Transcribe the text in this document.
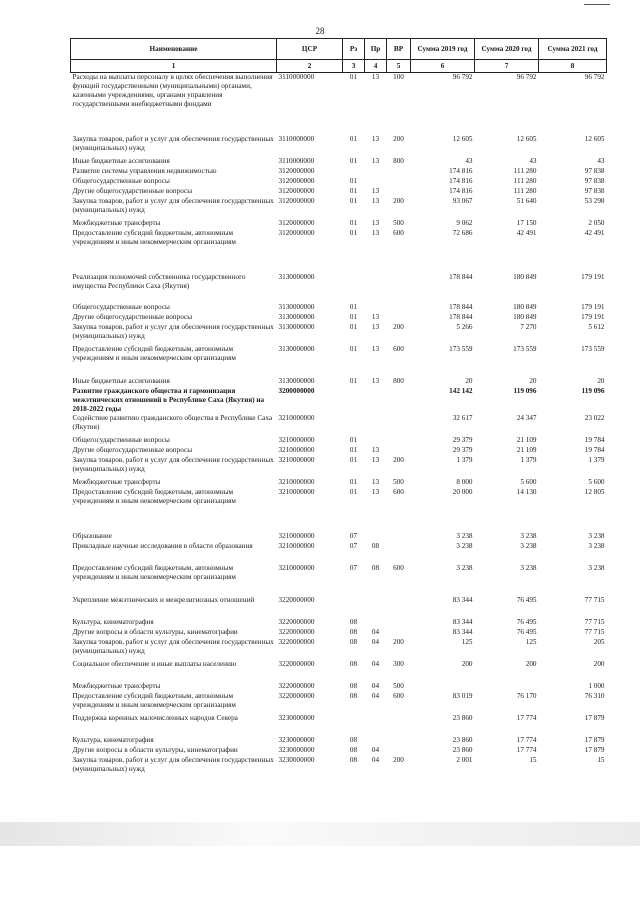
28
Наименование	ЦСР	Рз	Пр	ВР	Сумма 2019 год	Сумма 2020 год	Сумма 2021 год
1	2	3	4	5	6	7	8
Расходы на выплаты персоналу в целях обеспечения выполнения функций государственными (муниципальными) органами, казенными учреждениями, органами управления государственными внебюджетными фондами	3110000000	01	13	100	96 792	96 792	96 792
Закупка товаров, работ и услуг для обеспечения государственных (муниципальных) нужд	3110000000	01	13	200	12 605	12 605	12 605
Иные бюджетные ассигнования	3110000000	01	13	800	43	43	43
Развитие системы управления недвижимостью	3120000000				174 816	111 280	97 838
Общегосударственные вопросы	3120000000	01			174 816	111 280	97 838
Другие общегосударственные вопросы	3120000000	01	13		174 816	111 280	97 838
Закупка товаров, работ и услуг для обеспечения государственных (муниципальных) нужд	3120000000	01	13	200	93 067	51 640	53 298
Межбюджетные трансферты	3120000000	01	13	500	9 062	17 150	2 050
Предоставление субсидий бюджетным, автономным учреждениям и иным некоммерческим организациям	3120000000	01	13	600	72 686	42 491	42 491
Реализация полномочий собственника государственного имущества Республики Саха (Якутия)	3130000000				178 844	180 849	179 191
Общегосударственные вопросы	3130000000	01			178 844	180 849	179 191
Другие общегосударственные вопросы	3130000000	01	13		178 844	180 849	179 191
Закупка товаров, работ и услуг для обеспечения государственных (муниципальных) нужд	3130000000	01	13	200	5 266	7 270	5 612
Предоставление субсидий бюджетным, автономным учреждениям и иным некоммерческим организациям	3130000000	01	13	600	173 559	173 559	173 559
Иные бюджетные ассигнования	3130000000	01	13	800	20	20	20
Развитие гражданского общества и гармонизация межэтнических отношений в Республике Саха (Якутия) на 2018-2022 годы	3200000000				142 142	119 096	119 096
Содействие развитию гражданского общества в Республике Саха (Якутия)	3210000000				32 617	24 347	23 022
Общегосударственные вопросы	3210000000	01			29 379	21 109	19 784
Другие общегосударственные вопросы	3210000000	01	13		29 379	21 109	19 784
Закупка товаров, работ и услуг для обеспечения государственных (муниципальных) нужд	3210000000	01	13	200	1 379	1 379	1 379
Межбюджетные трансферты	3210000000	01	13	500	8 000	5 600	5 600
Предоставление субсидий бюджетным, автономным учреждениям и иным некоммерческим организациям	3210000000	01	13	600	20 000	14 130	12 805
Образование	3210000000	07			3 238	3 238	3 238
Прикладные научные исследования в области образования	3210000000	07	08		3 238	3 238	3 238
Предоставление субсидий бюджетным, автономным учреждениям и иным некоммерческим организациям	3210000000	07	08	600	3 238	3 238	3 238
Укрепление межэтнических и межрелигиозных отношений	3220000000				83 344	76 495	77 715
Культура, кинематография	3220000000	08			83 344	76 495	77 715
Другие вопросы в области культуры, кинематографии	3220000000	08	04		83 344	76 495	77 715
Закупка товаров, работ и услуг для обеспечения государственных (муниципальных) нужд	3220000000	08	04	200	125	125	205
Социальное обеспечение и иные выплаты населению	3220000000	08	04	300	200	200	200
Межбюджетные трансферты	3220000000	08	04	500			1 000
Предоставление субсидий бюджетным, автономным учреждениям и иным некоммерческим организациям	3220000000	08	04	600	83 019	76 170	76 310
Поддержка коренных малочисленных народов Севера	3230000000				23 860	17 774	17 879
Культура, кинематография	3230000000	08			23 860	17 774	17 879
Другие вопросы в области культуры, кинематографии	3230000000	08	04		23 860	17 774	17 879
Закупка товаров, работ и услуг для обеспечения государственных (муниципальных) нужд	3230000000	08	04	200	2 001	15	15
